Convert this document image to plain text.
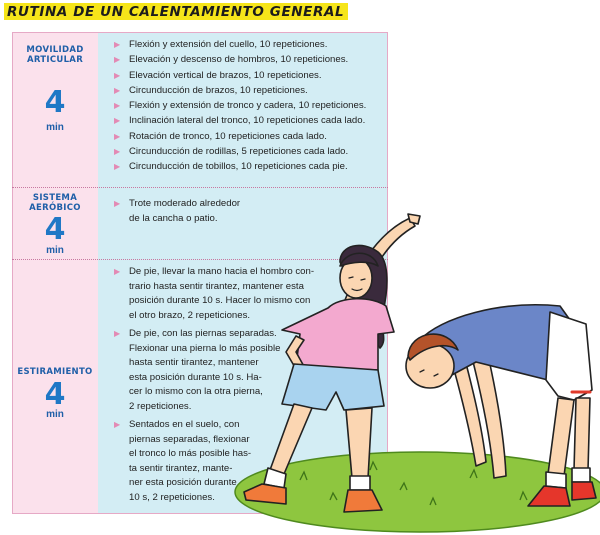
RUTINA DE UN CALENTAMIENTO GENERAL
MOVILIDAD
ARTICULAR
4
min
▶ Flexión y extensión del cuello, 10 repeticiones.
▶ Elevación y descenso de hombros, 10 repeticiones.
▶ Elevación vertical de brazos, 10 repeticiones.
▶ Circunducción de brazos, 10 repeticiones.
▶ Flexión y extensión de tronco y cadera, 10 repeticiones.
▶ Inclinación lateral del tronco, 10 repeticiones cada lado.
▶ Rotación de tronco, 10 repeticiones cada lado.
▶ Circunducción de rodillas, 5 repeticiones cada lado.
▶ Circunducción de tobillos, 10 repeticiones cada pie.
SISTEMA
AERÓBICO
4
min
▶ Trote moderado alrededor
de la cancha o patio.
ESTIRAMIENTO
4
min
▶ De pie, llevar la mano hacia el hombro con-
trario hasta sentir tirantez, mantener esta
posición durante 10 s. Hacer lo mismo con
el otro brazo, 2 repeticiones.
▶ De pie, con las piernas separadas.
Flexionar una pierna lo más posible
hasta sentir tirantez, mantener
esta posición durante 10 s. Ha-
cer lo mismo con la otra pierna,
2 repeticiones.
▶ Sentados en el suelo, con
piernas separadas, flexionar
el tronco lo más posible has-
ta sentir tirantez, mante-
ner esta posición durante
10 s, 2 repeticiones.
